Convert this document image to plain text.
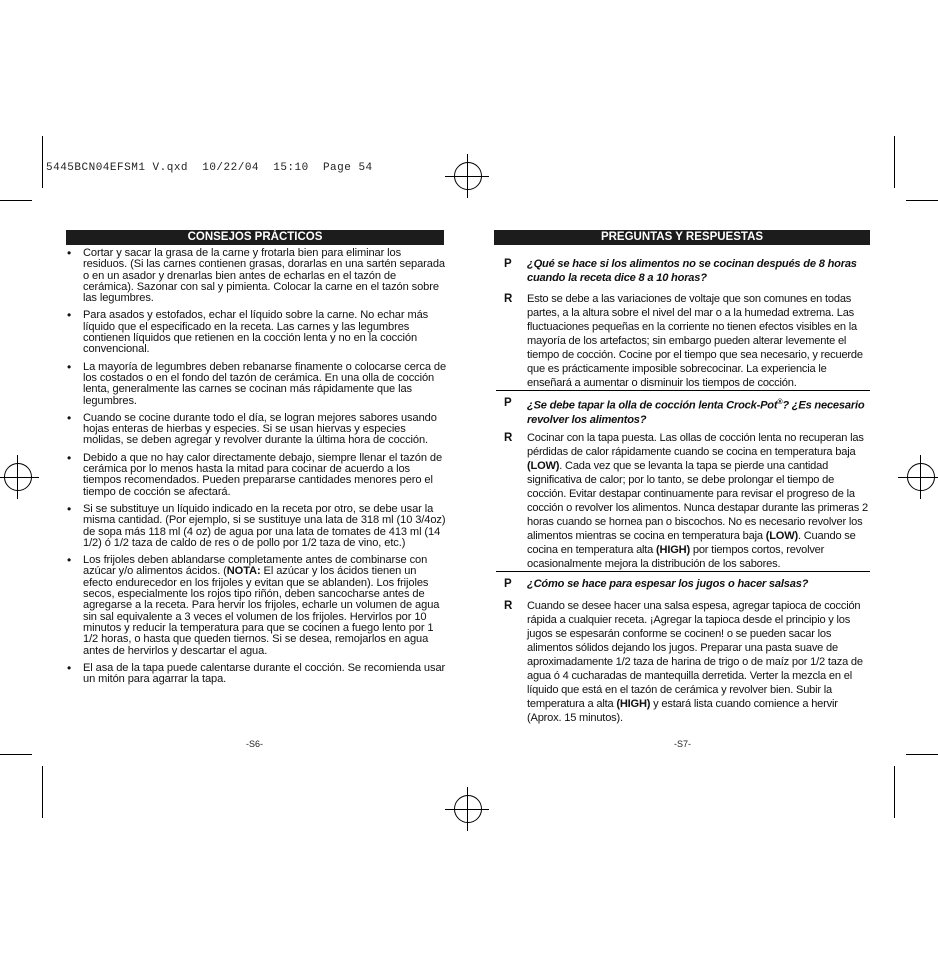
5445BCN04EFSM1 V.qxd  10/22/04  15:10  Page 54
CONSEJOS PRÁCTICOS
• Cortar y sacar la grasa de la carne y frotarla bien para eliminar los residuos. (Si las carnes contienen grasas, dorarlas en una sartén separada o en un asador y drenarlas bien antes de echarlas en el tazón de cerámica). Sazonar con sal y pimienta. Colocar la carne en el tazón sobre las legumbres.
• Para asados y estofados, echar el líquido sobre la carne. No echar más líquido que el especificado en la receta. Las carnes y las legumbres contienen líquidos que retienen en la cocción lenta y no en la cocción convencional.
• La mayoría de legumbres deben rebanarse finamente o colocarse cerca de los costados o en el fondo del tazón de cerámica. En una olla de cocción lenta, generalmente las carnes se cocinan más rápidamente que las legumbres.
• Cuando se cocine durante todo el día, se logran mejores sabores usando hojas enteras de hierbas y especies. Si se usan hiervas y especies molidas, se deben agregar y revolver durante la última hora de cocción.
• Debido a que no hay calor directamente debajo, siempre llenar el tazón de cerámica por lo menos hasta la mitad para cocinar de acuerdo a los tiempos recomendados. Pueden prepararse cantidades menores pero el tiempo de cocción se afectará.
• Si se substituye un líquido indicado en la receta por otro, se debe usar la misma cantidad. (Por ejemplo, si se sustituye una lata de 318 ml (10 3/4oz) de sopa más 118 ml (4 oz) de agua por una lata de tomates de 413 ml (14 1/2) ó 1/2 taza de caldo de res o de pollo por 1/2 taza de vino, etc.)
• Los frijoles deben ablandarse completamente antes de combinarse con azúcar y/o alimentos ácidos. (NOTA: El azúcar y los ácidos tienen un efecto endurecedor en los frijoles y evitan que se ablanden). Los frijoles secos, especialmente los rojos tipo riñón, deben sancocharse antes de agregarse a la receta. Para hervir los frijoles, echarle un volumen de agua sin sal equivalente a 3 veces el volumen de los frijoles. Hervirlos por 10 minutos y reducir la temperatura para que se cocinen a fuego lento por 1 1/2 horas, o hasta que queden tiernos. Si se desea, remojarlos en agua antes de hervirlos y descartar el agua.
• El asa de la tapa puede calentarse durante el cocción. Se recomienda usar un mitón para agarrar la tapa.
-S6-
PREGUNTAS Y RESPUESTAS
P ¿Qué se hace si los alimentos no se cocinan después de 8 horas cuando la receta dice 8 a 10 horas?
R Esto se debe a las variaciones de voltaje que son comunes en todas partes, a la altura sobre el nivel del mar o a la humedad extrema. Las fluctuaciones pequeñas en la corriente no tienen efectos visibles en la mayoría de los artefactos; sin embargo pueden alterar levemente el tiempo de cocción. Cocine por el tiempo que sea necesario, y recuerde que es prácticamente imposible sobrecocinar. La experiencia le enseñará a aumentar o disminuir los tiempos de cocción.
P ¿Se debe tapar la olla de cocción lenta Crock-Pot®? ¿Es necesario revolver los alimentos?
R Cocinar con la tapa puesta. Las ollas de cocción lenta no recuperan las pérdidas de calor rápidamente cuando se cocina en temperatura baja (LOW). Cada vez que se levanta la tapa se pierde una cantidad significativa de calor; por lo tanto, se debe prolongar el tiempo de cocción. Evitar destapar continuamente para revisar el progreso de la cocción o revolver los alimentos. Nunca destapar durante las primeras 2 horas cuando se hornea pan o biscochos. No es necesario revolver los alimentos mientras se cocina en temperatura baja (LOW). Cuando se cocina en temperatura alta (HIGH) por tiempos cortos, revolver ocasionalmente mejora la distribución de los sabores.
P ¿Cómo se hace para espesar los jugos o hacer salsas?
R Cuando se desee hacer una salsa espesa, agregar tapioca de cocción rápida a cualquier receta. ¡Agregar la tapioca desde el principio y los jugos se espesarán conforme se cocinen! o se pueden sacar los alimentos sólidos dejando los jugos. Preparar una pasta suave de aproximadamente 1/2 taza de harina de trigo o de maíz por 1/2 taza de agua ó 4 cucharadas de mantequilla derretida. Verter la mezcla en el líquido que está en el tazón de cerámica y revolver bien. Subir la temperatura a alta (HIGH) y estará lista cuando comience a hervir (Aprox. 15 minutos).
-S7-
